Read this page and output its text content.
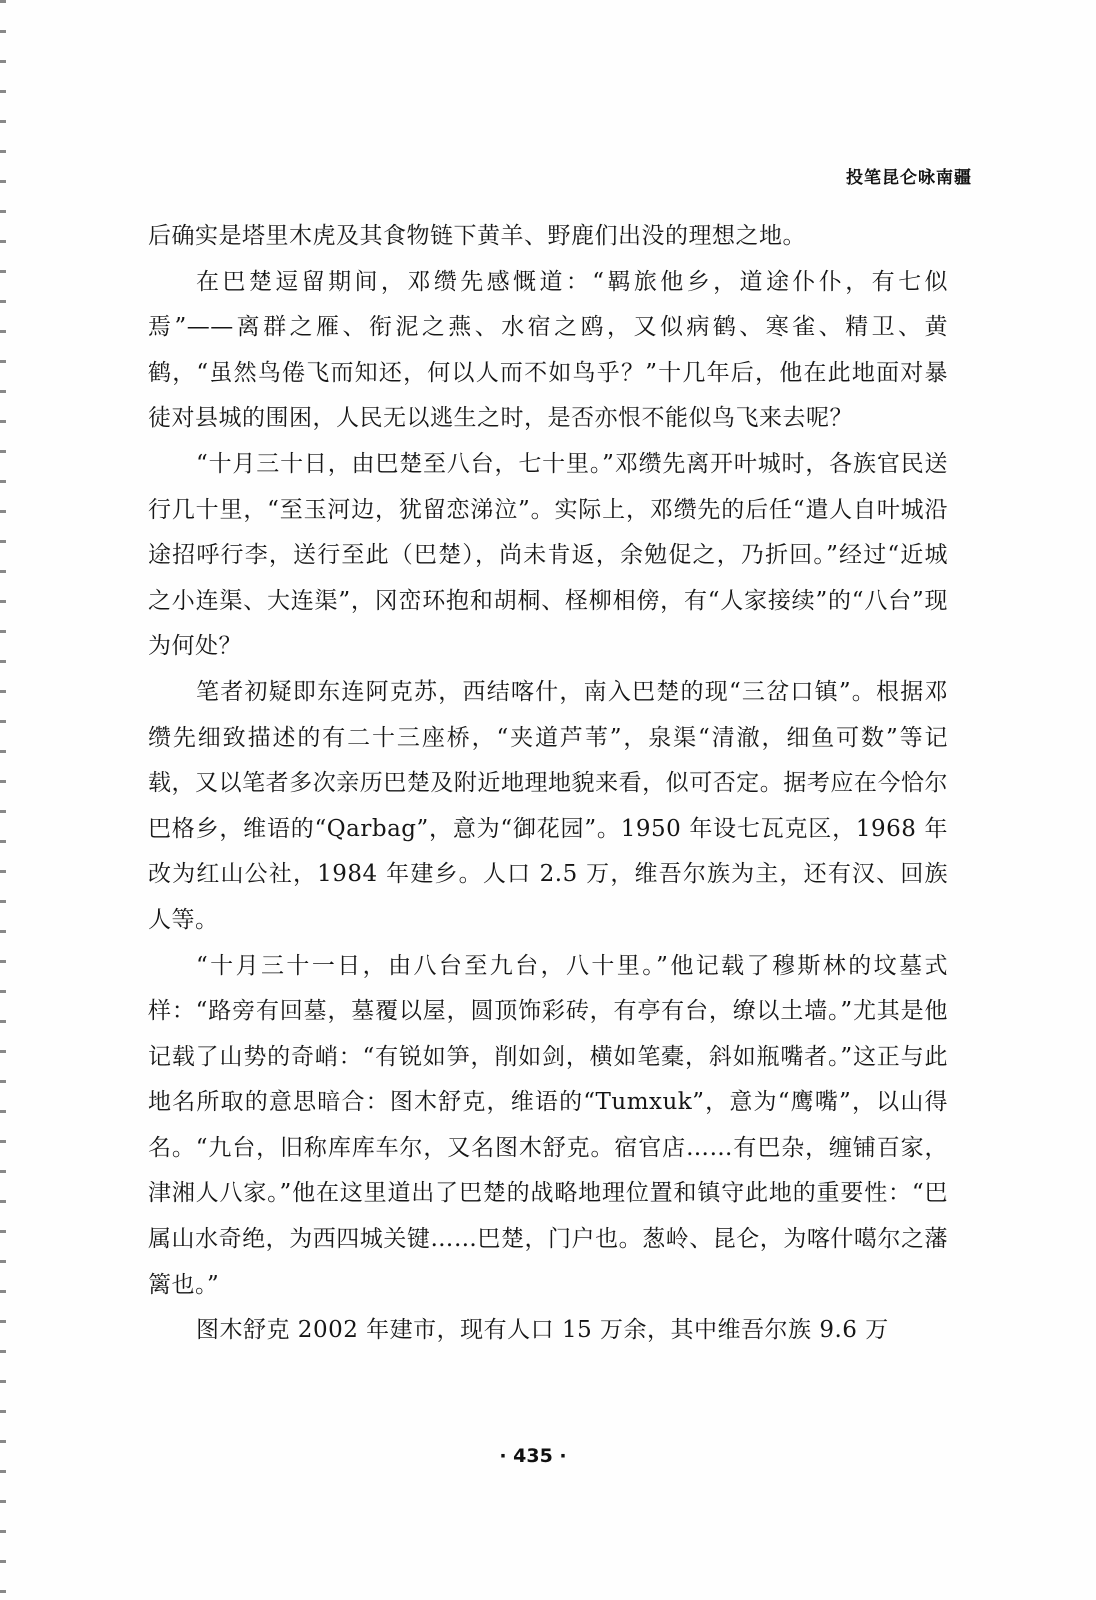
投笔昆仑咏南疆

后确实是塔里木虎及其食物链下黄羊、野鹿们出没的理想之地。

在巴楚逗留期间，邓缵先感慨道：“羁旅他乡，道途仆仆，有七似焉”——离群之雁、衔泥之燕、水宿之鸥，又似病鹤、寒雀、精卫、黄鹤，“虽然鸟倦飞而知还，何以人而不如鸟乎？”十几年后，他在此地面对暴徒对县城的围困，人民无以逃生之时，是否亦恨不能似鸟飞来去呢？

“十月三十日，由巴楚至八台，七十里。”邓缵先离开叶城时，各族官民送行几十里，“至玉河边，犹留恋涕泣”。实际上，邓缵先的后任“遣人自叶城沿途招呼行李，送行至此（巴楚），尚未肯返，余勉促之，乃折回。”经过“近城之小连渠、大连渠”，冈峦环抱和胡桐、柽柳相傍，有“人家接续”的“八台”现为何处？

笔者初疑即东连阿克苏，西结喀什，南入巴楚的现“三岔口镇”。根据邓缵先细致描述的有二十三座桥，“夹道芦苇”，泉渠“清澈，细鱼可数”等记载，又以笔者多次亲历巴楚及附近地理地貌来看，似可否定。据考应在今恰尔巴格乡，维语的“Qarbag”，意为“御花园”。1950 年设七瓦克区，1968 年改为红山公社，1984 年建乡。人口 2.5 万，维吾尔族为主，还有汉、回族人等。

“十月三十一日，由八台至九台，八十里。”他记载了穆斯林的坟墓式样：“路旁有回墓，墓覆以屋，圆顶饰彩砖，有亭有台，缭以土墙。”尤其是他记载了山势的奇峭：“有锐如笋，削如剑，横如笔橐，斜如瓶嘴者。”这正与此地名所取的意思暗合：图木舒克，维语的“Tumxuk”，意为“鹰嘴”，以山得名。“九台，旧称库库车尔，又名图木舒克。宿官店……有巴杂，缠铺百家，津湘人八家。”他在这里道出了巴楚的战略地理位置和镇守此地的重要性：“巴属山水奇绝，为西四城关键……巴楚，门户也。葱岭、昆仑，为喀什噶尔之藩篱也。”

图木舒克 2002 年建市，现有人口 15 万余，其中维吾尔族 9.6 万

· 435 ·
